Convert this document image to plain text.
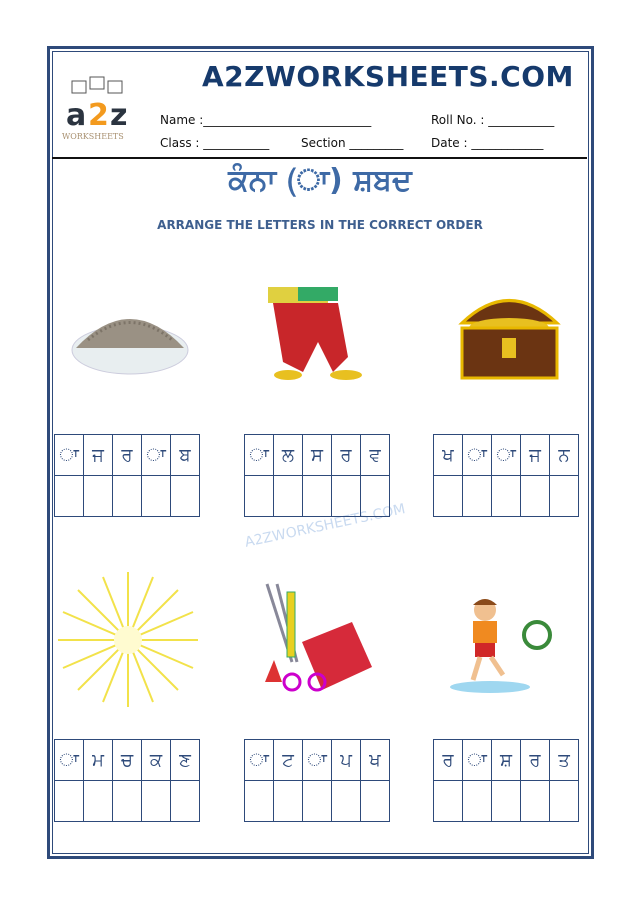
a 2 z
WORKSHEETS
A2ZWORKSHEETS.COM
Name :____________________________	Roll No. : ___________
Class : ___________	Section _________ Date : ____________
ਕੰਨਾ (ਾ) ਸ਼ਬਦ
ARRANGE THE LETTERS IN THE CORRECT ORDER
A2ZWORKSHEETS.COM
ਾ	ਜ	ਰ	ਾ	ਬ
					ਾ	ਲ	ਸ	ਰ	ਵ
					ਖ	ਾ	ਾ	ਜ	ਨ

ਾ	ਮ	ਚ	ਕ	ਣ
					ਾ	ਟ	ਾ	ਪ	ਖ
					ਰ	ਾ	ਸ਼	ਰ	ਤ
